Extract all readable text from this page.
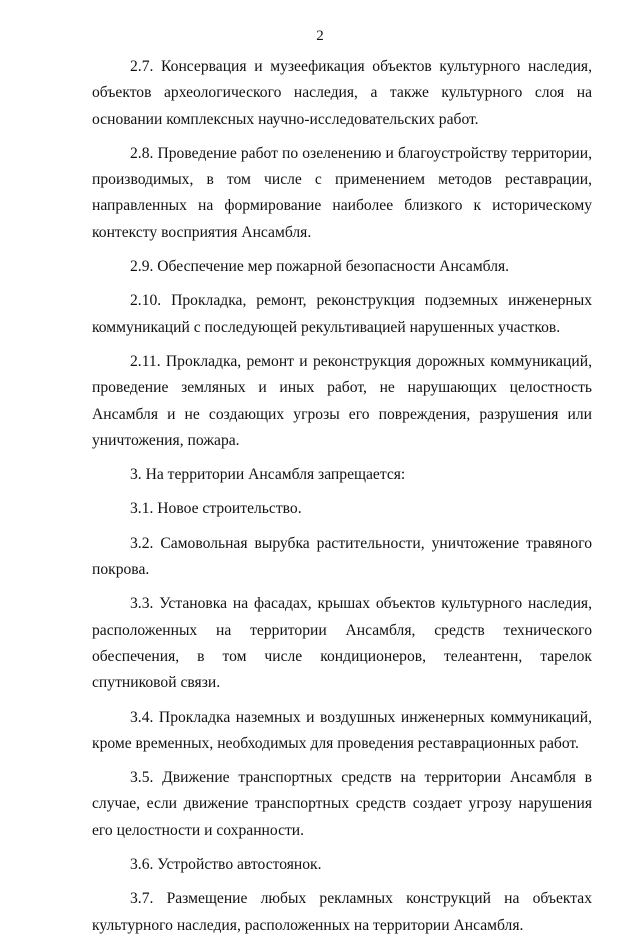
2

2.7. Консервация и музеефикация объектов культурного наследия, объектов археологического наследия, а также культурного слоя на основании комплексных научно-исследовательских работ.

2.8. Проведение работ по озеленению и благоустройству территории, производимых, в том числе с применением методов реставрации, направленных на формирование наиболее близкого к историческому контексту восприятия Ансамбля.

2.9. Обеспечение мер пожарной безопасности Ансамбля.

2.10. Прокладка, ремонт, реконструкция подземных инженерных коммуникаций с последующей рекультивацией нарушенных участков.

2.11. Прокладка, ремонт и реконструкция дорожных коммуникаций, проведение земляных и иных работ, не нарушающих целостность Ансамбля и не создающих угрозы его повреждения, разрушения или уничтожения, пожара.

3. На территории Ансамбля запрещается:

3.1. Новое строительство.

3.2. Самовольная вырубка растительности, уничтожение травяного покрова.

3.3. Установка на фасадах, крышах объектов культурного наследия, расположенных на территории Ансамбля, средств технического обеспечения, в том числе кондиционеров, телеантенн, тарелок спутниковой связи.

3.4. Прокладка наземных и воздушных инженерных коммуникаций, кроме временных, необходимых для проведения реставрационных работ.

3.5. Движение транспортных средств на территории Ансамбля в случае, если движение транспортных средств создает угрозу нарушения его целостности и сохранности.

3.6. Устройство автостоянок.

3.7. Размещение любых рекламных конструкций на объектах культурного наследия, расположенных на территории Ансамбля.
